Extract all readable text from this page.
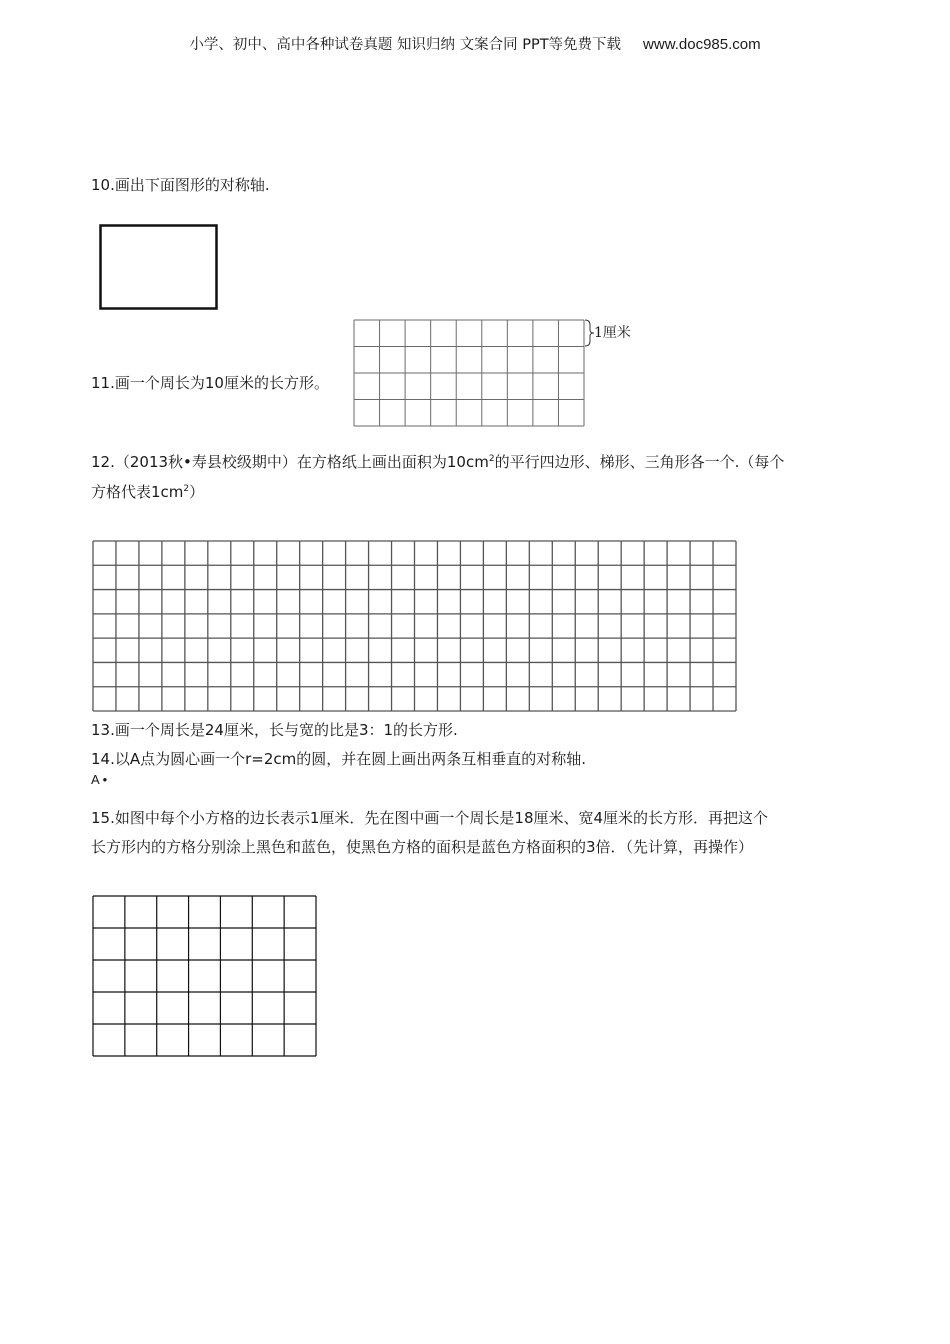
小学、初中、高中各种试卷真题 知识归纳 文案合同 PPT等免费下载 www.doc985.com
10.画出下面图形的对称轴.
11.画一个周长为10厘米的长方形。
1厘米
12.（2013秋•寿县校级期中）在方格纸上画出面积为$10cm^2$的平行四边形、梯形、三角形各一个.（每个
方格代表$1cm^2$）
13.画一个周长是24厘米，长与宽的比是3：1的长方形.
14.以A点为圆心画一个r=2cm的圆，并在圆上画出两条互相垂直的对称轴.
A •
15.如图中每个小方格的边长表示1厘米．先在图中画一个周长是18厘米、宽4厘米的长方形．再把这个
长方形内的方格分别涂上黑色和蓝色，使黑色方格的面积是蓝色方格面积的3倍．（先计算，再操作）
